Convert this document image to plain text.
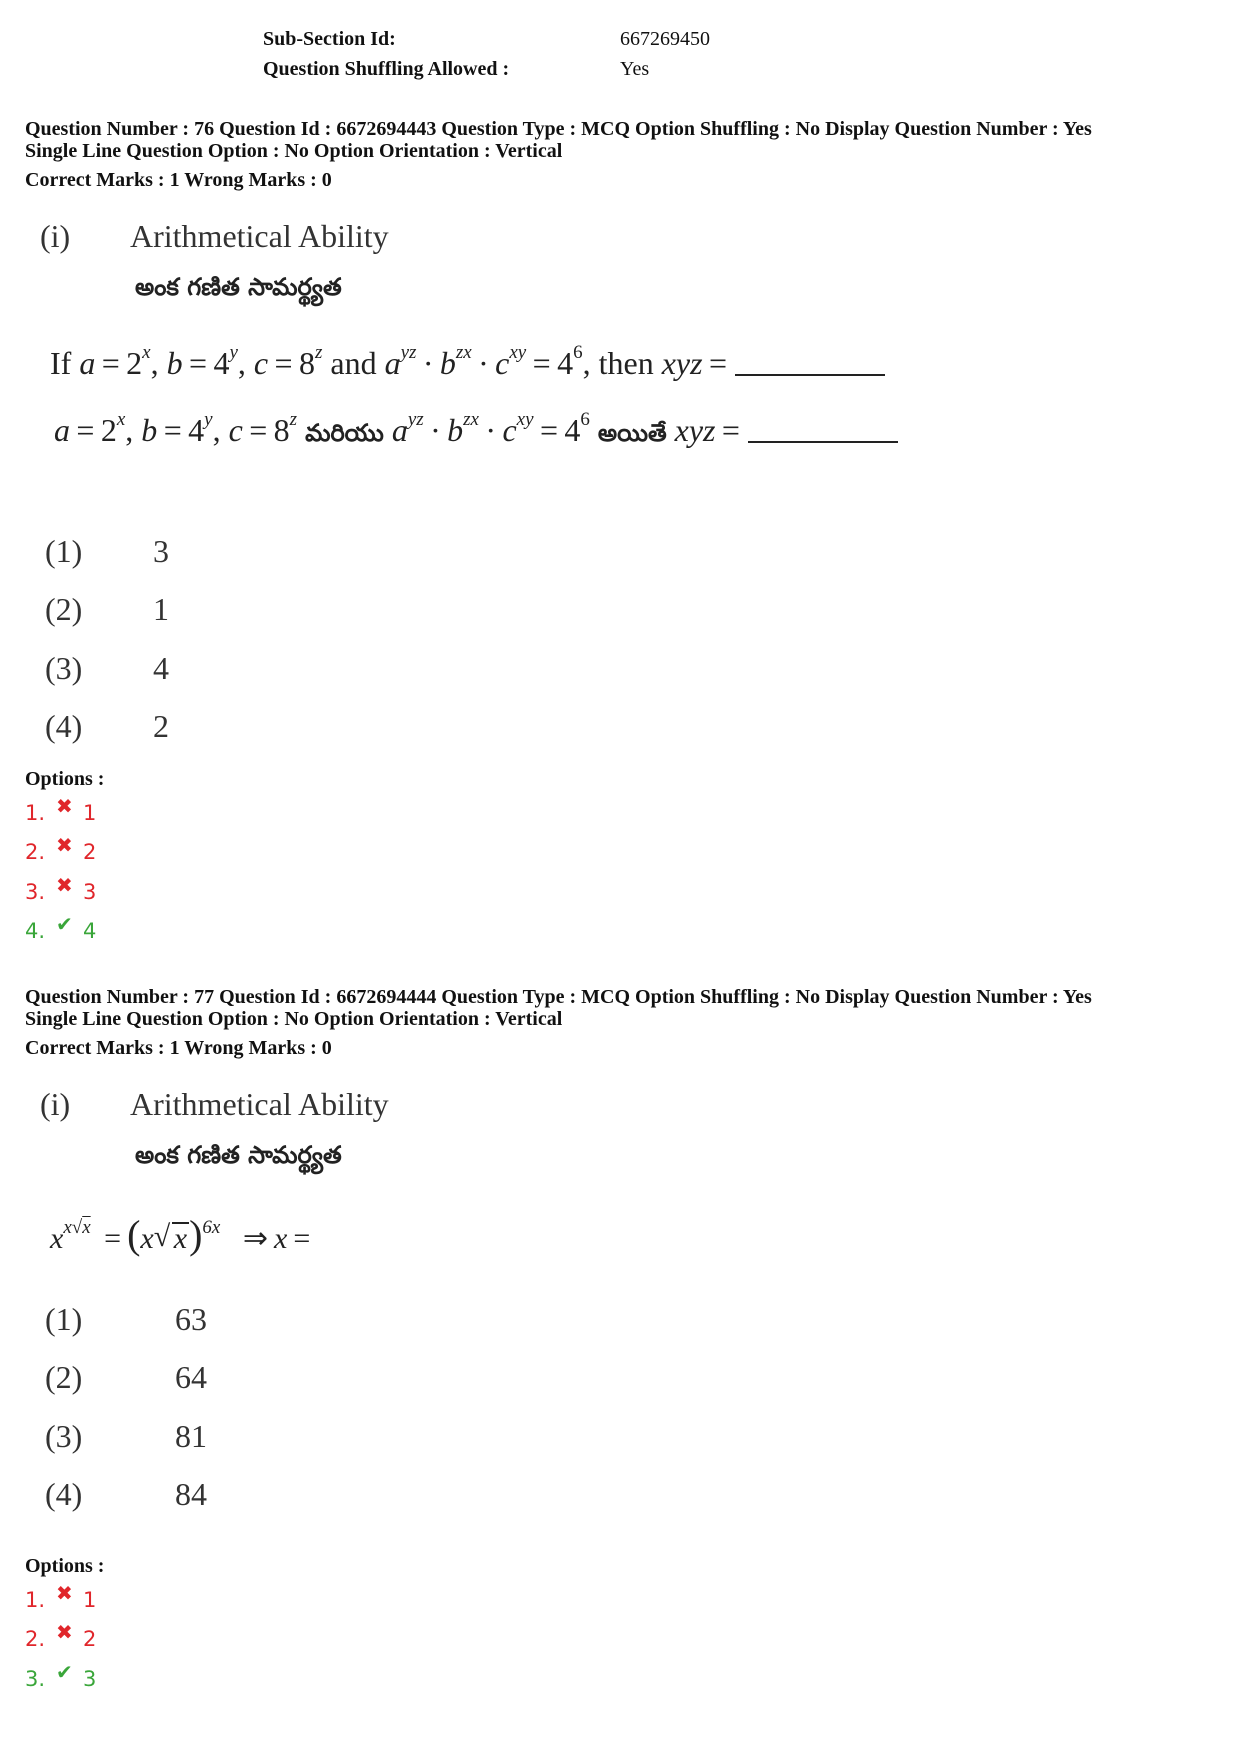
Sub-Section Id:	667269450
Question Shuffling Allowed :	Yes
Question Number : 76 Question Id : 6672694443 Question Type : MCQ Option Shuffling : No Display Question Number : Yes
Single Line Question Option : No Option Orientation : Vertical
Correct Marks : 1 Wrong Marks : 0
(i)	Arithmetical Ability
అంక గణిత సామర్థ్యత
If $a = 2^x$, $b = 4^y$, $c = 8^z$ and $a^{yz} \cdot b^{zx} \cdot c^{xy} = 4^6$, then xyz =
$a = 2^x$, $b = 4^y$, $c = 8^z$ మరియు $a^{yz} \cdot b^{zx} \cdot c^{xy} = 4^6$ అయితే xyz =
(1)	3
(2)	1
(3)	4
(4)	2
Options :
1. ✖ 1
2. ✖ 2
3. ✖ 3
4. ✔ 4
Question Number : 77 Question Id : 6672694444 Question Type : MCQ Option Shuffling : No Display Question Number : Yes
Single Line Question Option : No Option Orientation : Vertical
Correct Marks : 1 Wrong Marks : 0
(i)	Arithmetical Ability
అంక గణిత సామర్థ్యత
$x^{x√x} = (x$ √ x)$^{6x}$   ⇒ x =
(1)	63
(2)	64
(3)	81
(4)	84
Options :
1. ✖ 1
2. ✖ 2
3. ✔ 3
